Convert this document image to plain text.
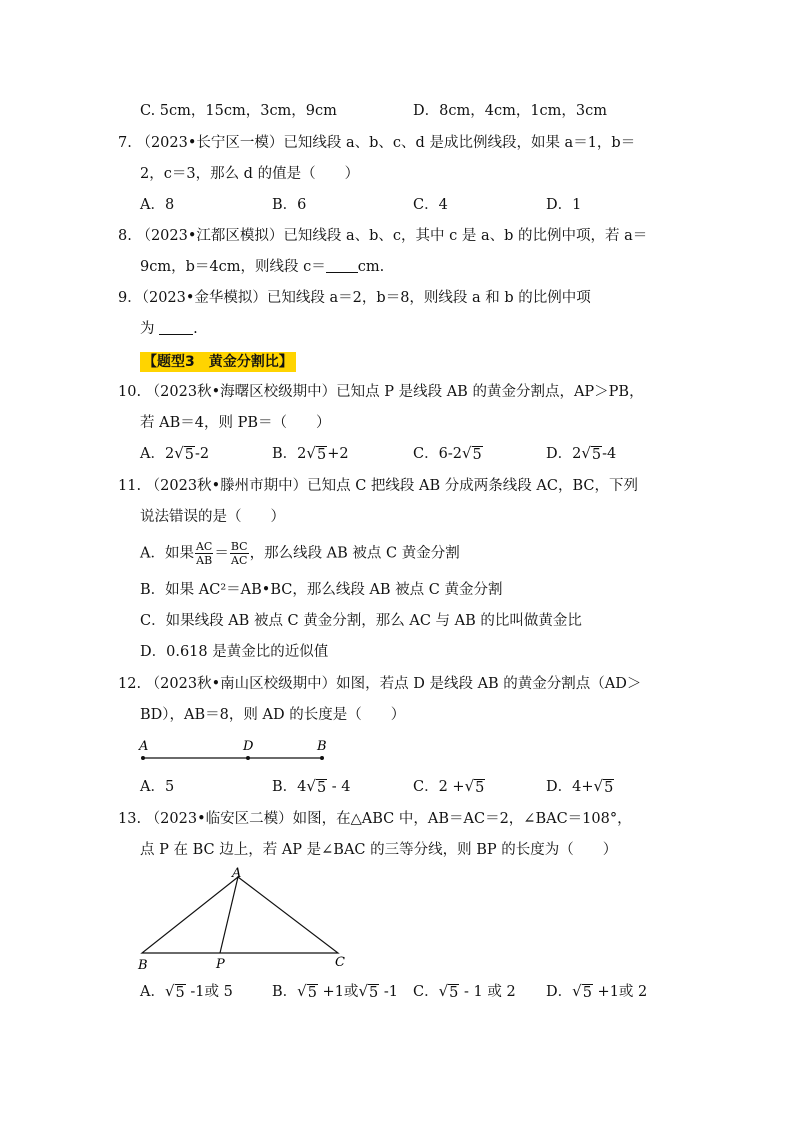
C. 5cm，15cm，3cm，9cm	D．8cm，4cm，1cm，3cm
7. （2023•长宁区一模）已知线段 a、b、c、d 是成比例线段，如果 a＝1，b＝
2，c＝3，那么 d 的值是（　　）
A．8	B．6	C．4	D．1
8. （2023•江都区模拟）已知线段 a、b、c，其中 c 是 a、b 的比例中项，若 a＝
9cm，b＝4cm，则线段 c＝ cm.
9．（2023•金华模拟）已知线段 a＝2，b＝8，则线段 a 和 b 的比例中项
为 .
【题型3　黄金分割比】
10. （2023秋•海曙区校级期中）已知点 P 是线段 AB 的黄金分割点，AP＞PB，
若 AB＝4，则 PB＝（　　）
A．2 √ 5 -2	B．2 √ 5 +2	C．6-2 √ 5	D．2 √ 5 -4
11. （2023秋•滕州市期中）已知点 C 把线段 AB 分成两条线段 AC，BC，下列
说法错误的是（　　）
A．如果 $\frac{AC}{AB} = \frac{BC}{AC}$ ，那么线段 AB 被点 C 黄金分割
B．如果 AC²＝AB•BC，那么线段 AB 被点 C 黄金分割
C．如果线段 AB 被点 C 黄金分割，那么 AC 与 AB 的比叫做黄金比
D．0.618 是黄金比的近似值
12. （2023秋•南山区校级期中）如图，若点 D 是线段 AB 的黄金分割点（AD＞
BD），AB＝8，则 AD 的长度是（　　）
A	D	B
A．5	B．4 √ 5 - 4	C．2 + √ 5	D．4+ √ 5
13. （2023•临安区二模）如图，在△ABC 中，AB＝AC＝2，∠BAC＝108°，
点 P 在 BC 边上，若 AP 是∠BAC 的三等分线，则 BP 的长度为（　　）
A
B	P	C
A． √ 5 -1或 5	B． √ 5 +1或 √ 5 -1 C． √ 5 - 1 或 2 D． √ 5 +1或 2
